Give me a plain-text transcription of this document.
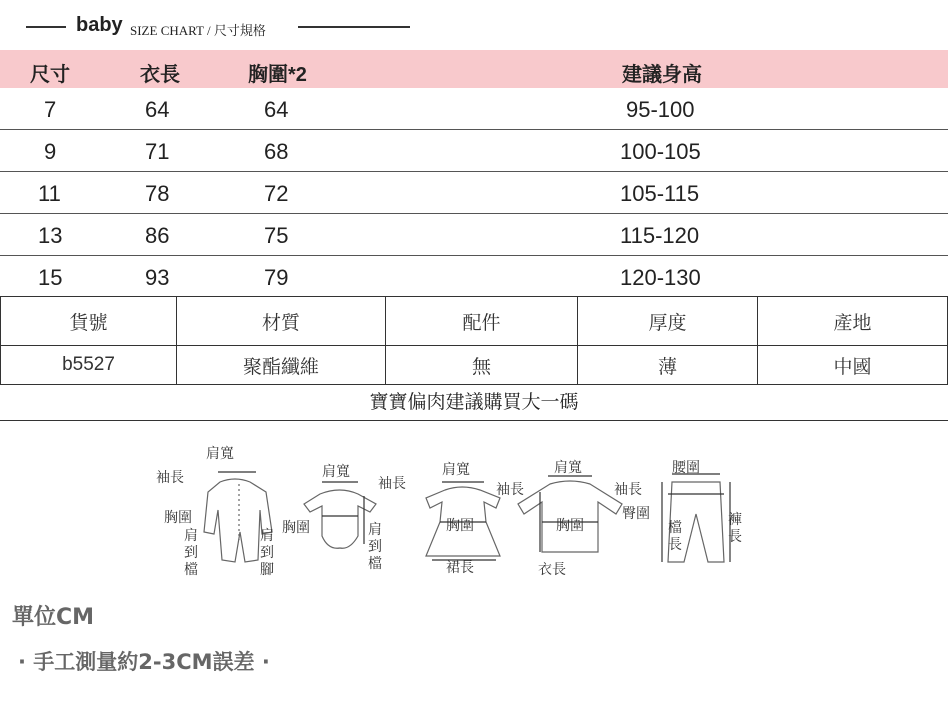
baby SIZE CHART / 尺寸規格
尺寸	衣長	胸圍*2	建議身高
7	64	64	95-100
9	71	68	100-105
11	78	72	105-115
13	86	75	115-120
15	93	79	120-130
貨號	材質	配件	厚度	產地
b5527	聚酯纖維	無	薄	中國
寶寶偏肉建議購買大一碼
肩寬
袖長
胸圍
肩到檔
肩到腳
肩寬
袖長
胸圍	肩到檔
肩寬
袖長
胸圍
裙長
肩寬
袖長
胸圍
衣長
腰圍
臀圍
檔長
褲長
單位CM
· 手工測量約2-3CM誤差 ·
